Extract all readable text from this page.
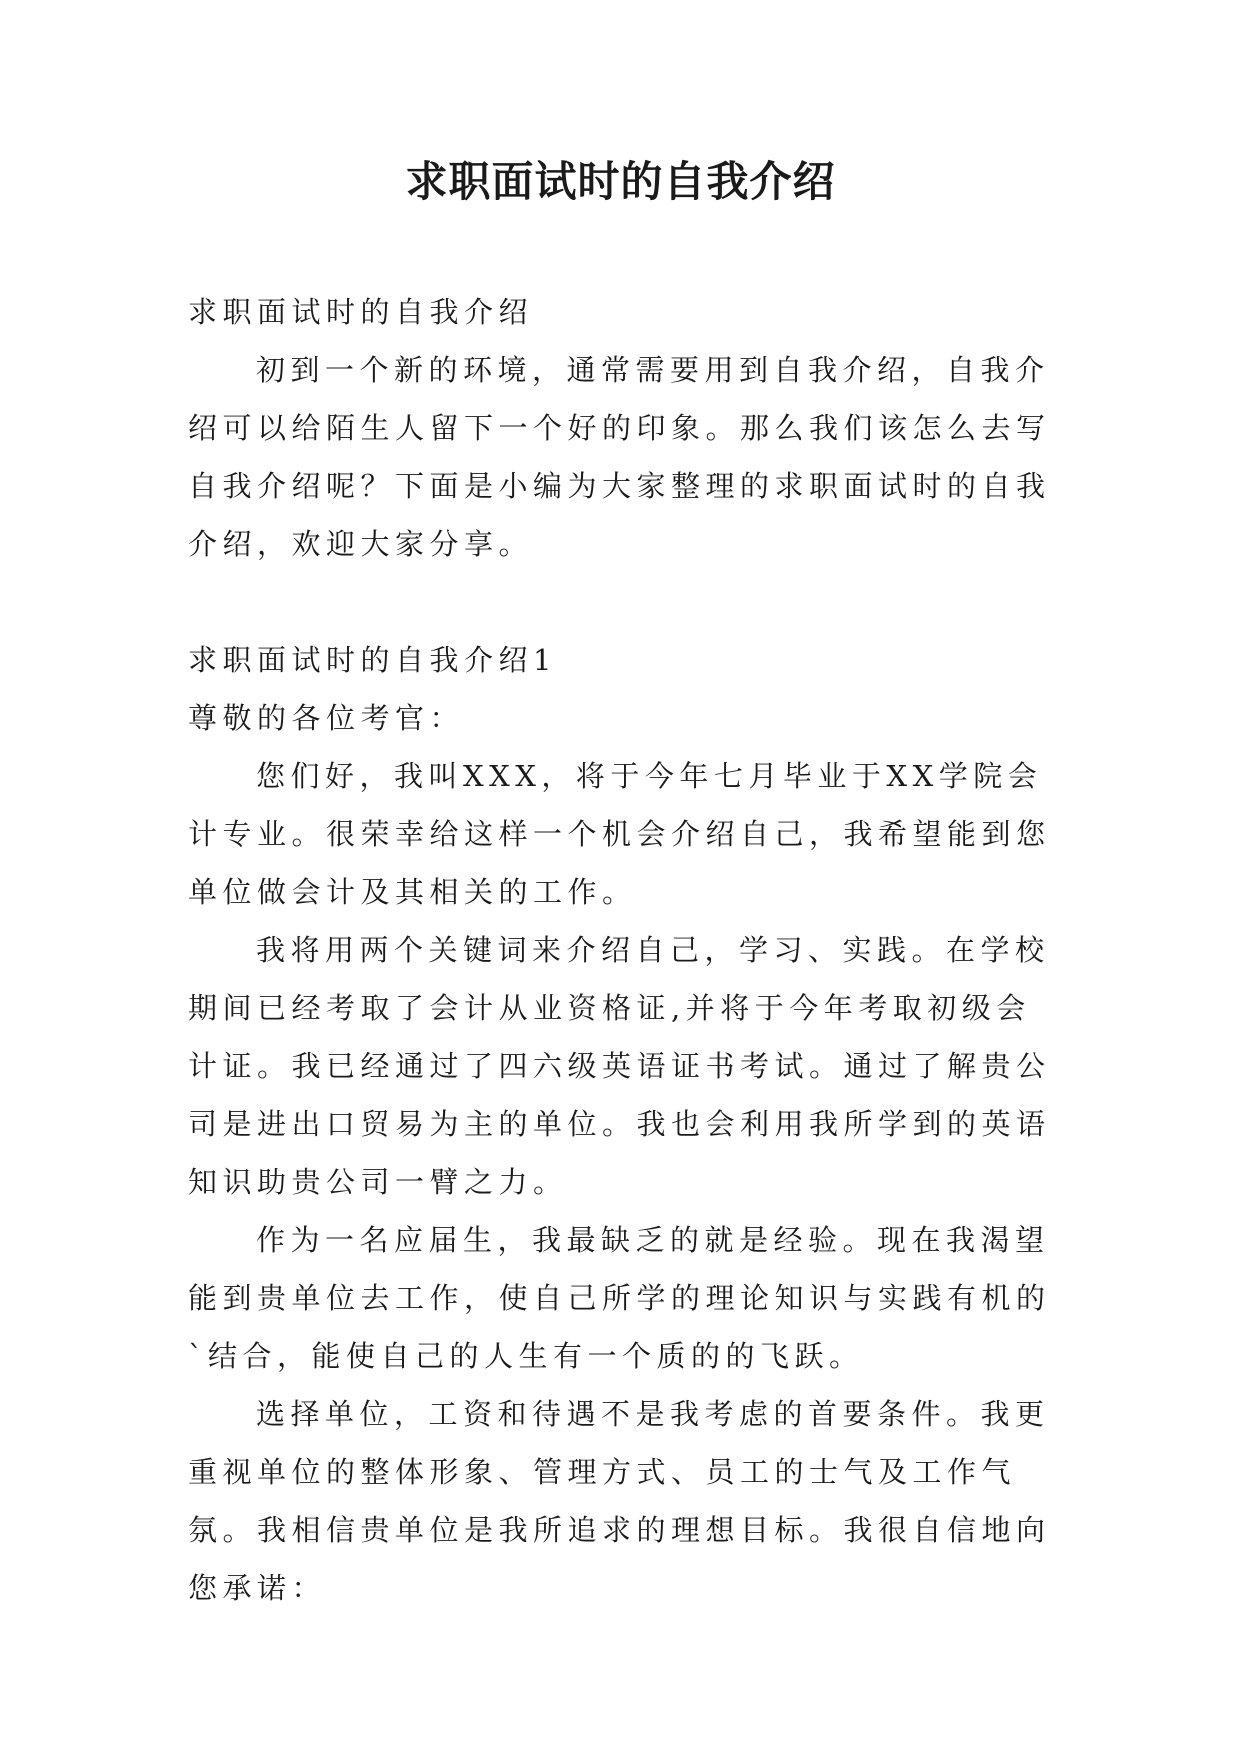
求职面试时的自我介绍

求职面试时的自我介绍

初到一个新的环境，通常需要用到自我介绍，自我介绍可以给陌生人留下一个好的印象。那么我们该怎么去写自我介绍呢？下面是小编为大家整理的求职面试时的自我介绍，欢迎大家分享。

求职面试时的自我介绍1

尊敬的各位考官：

您们好，我叫XXX，将于今年七月毕业于XX学院会计专业。很荣幸给这样一个机会介绍自己，我希望能到您单位做会计及其相关的工作。

我将用两个关键词来介绍自己，学习、实践。在学校期间已经考取了会计从业资格证,并将于今年考取初级会计证。我已经通过了四六级英语证书考试。通过了解贵公司是进出口贸易为主的单位。我也会利用我所学到的英语知识助贵公司一臂之力。

作为一名应届生，我最缺乏的就是经验。现在我渴望能到贵单位去工作，使自己所学的理论知识与实践有机的`结合，能使自己的人生有一个质的的飞跃。

选择单位，工资和待遇不是我考虑的首要条件。我更重视单位的整体形象、管理方式、员工的士气及工作气氛。我相信贵单位是我所追求的理想目标。我很自信地向您承诺：
